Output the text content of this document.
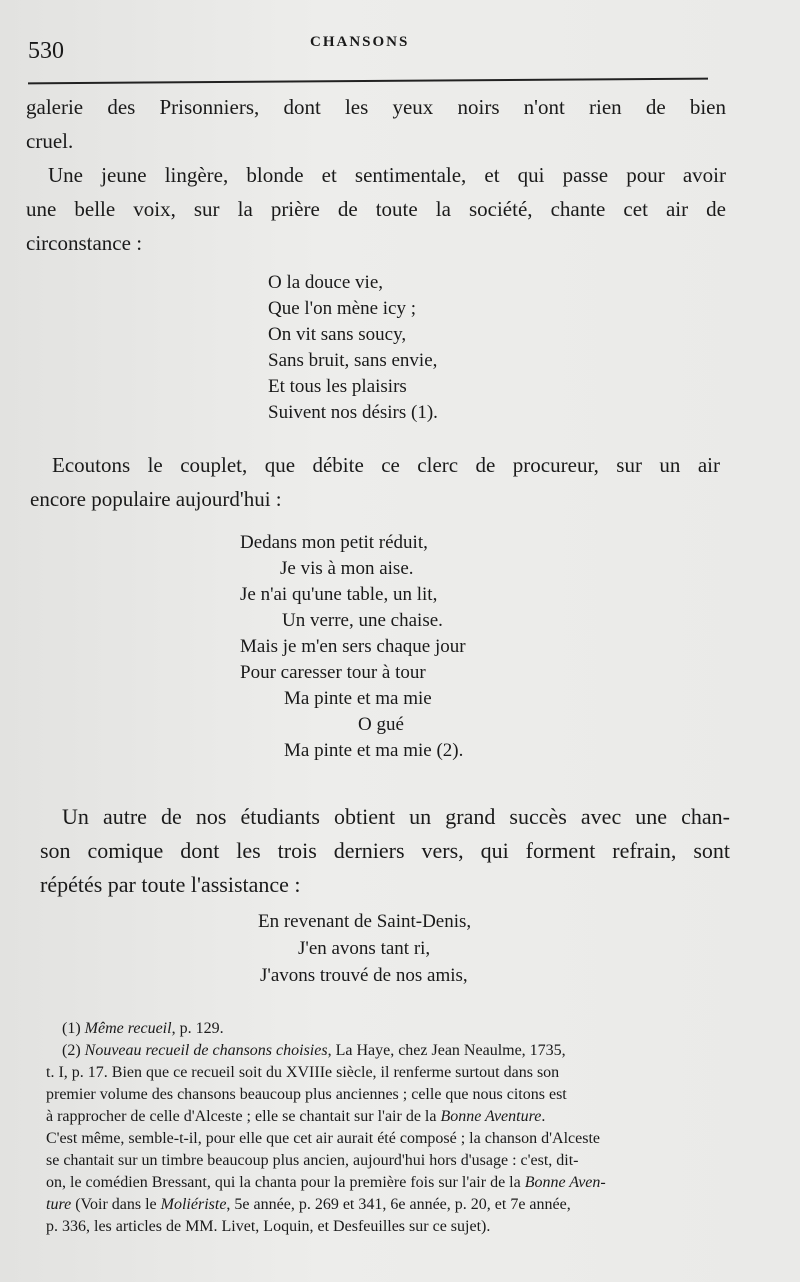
530	CHANSONS
galerie des Prisonniers, dont les yeux noirs n'ont rien de bien
cruel.
Une jeune lingère, blonde et sentimentale, et qui passe pour avoir
une belle voix, sur la prière de toute la société, chante cet air de
circonstance :
O la douce vie,
Que l'on mène icy ;
On vit sans soucy,
Sans bruit, sans envie,
Et tous les plaisirs
Suivent nos désirs (1).
Ecoutons le couplet, que débite ce clerc de procureur, sur un air
encore populaire aujourd'hui :
Dedans mon petit réduit,
Je vis à mon aise.
Je n'ai qu'une table, un lit,
Un verre, une chaise.
Mais je m'en sers chaque jour
Pour caresser tour à tour
Ma pinte et ma mie
O gué
Ma pinte et ma mie (2).
Un autre de nos étudiants obtient un grand succès avec une chan-
son comique dont les trois derniers vers, qui forment refrain, sont
répétés par toute l'assistance :
En revenant de Saint-Denis,
J'en avons tant ri,
J'avons trouvé de nos amis,

(1) Même recueil, p. 129.

(2) Nouveau recueil de chansons choisies, La Haye, chez Jean Neaulme, 1735,
t. I, p. 17. Bien que ce recueil soit du XVIIIe siècle, il renferme surtout dans son
premier volume des chansons beaucoup plus anciennes ; celle que nous citons est
à rapprocher de celle d'Alceste ; elle se chantait sur l'air de la Bonne Aventure.
C'est même, semble-t-il, pour elle que cet air aurait été composé ; la chanson d'Alceste
se chantait sur un timbre beaucoup plus ancien, aujourd'hui hors d'usage : c'est, dit-
on, le comédien Bressant, qui la chanta pour la première fois sur l'air de la Bonne Aven-
ture (Voir dans le Moliériste, 5e année, p. 269 et 341, 6e année, p. 20, et 7e année,
p. 336, les articles de MM. Livet, Loquin, et Desfeuilles sur ce sujet).
